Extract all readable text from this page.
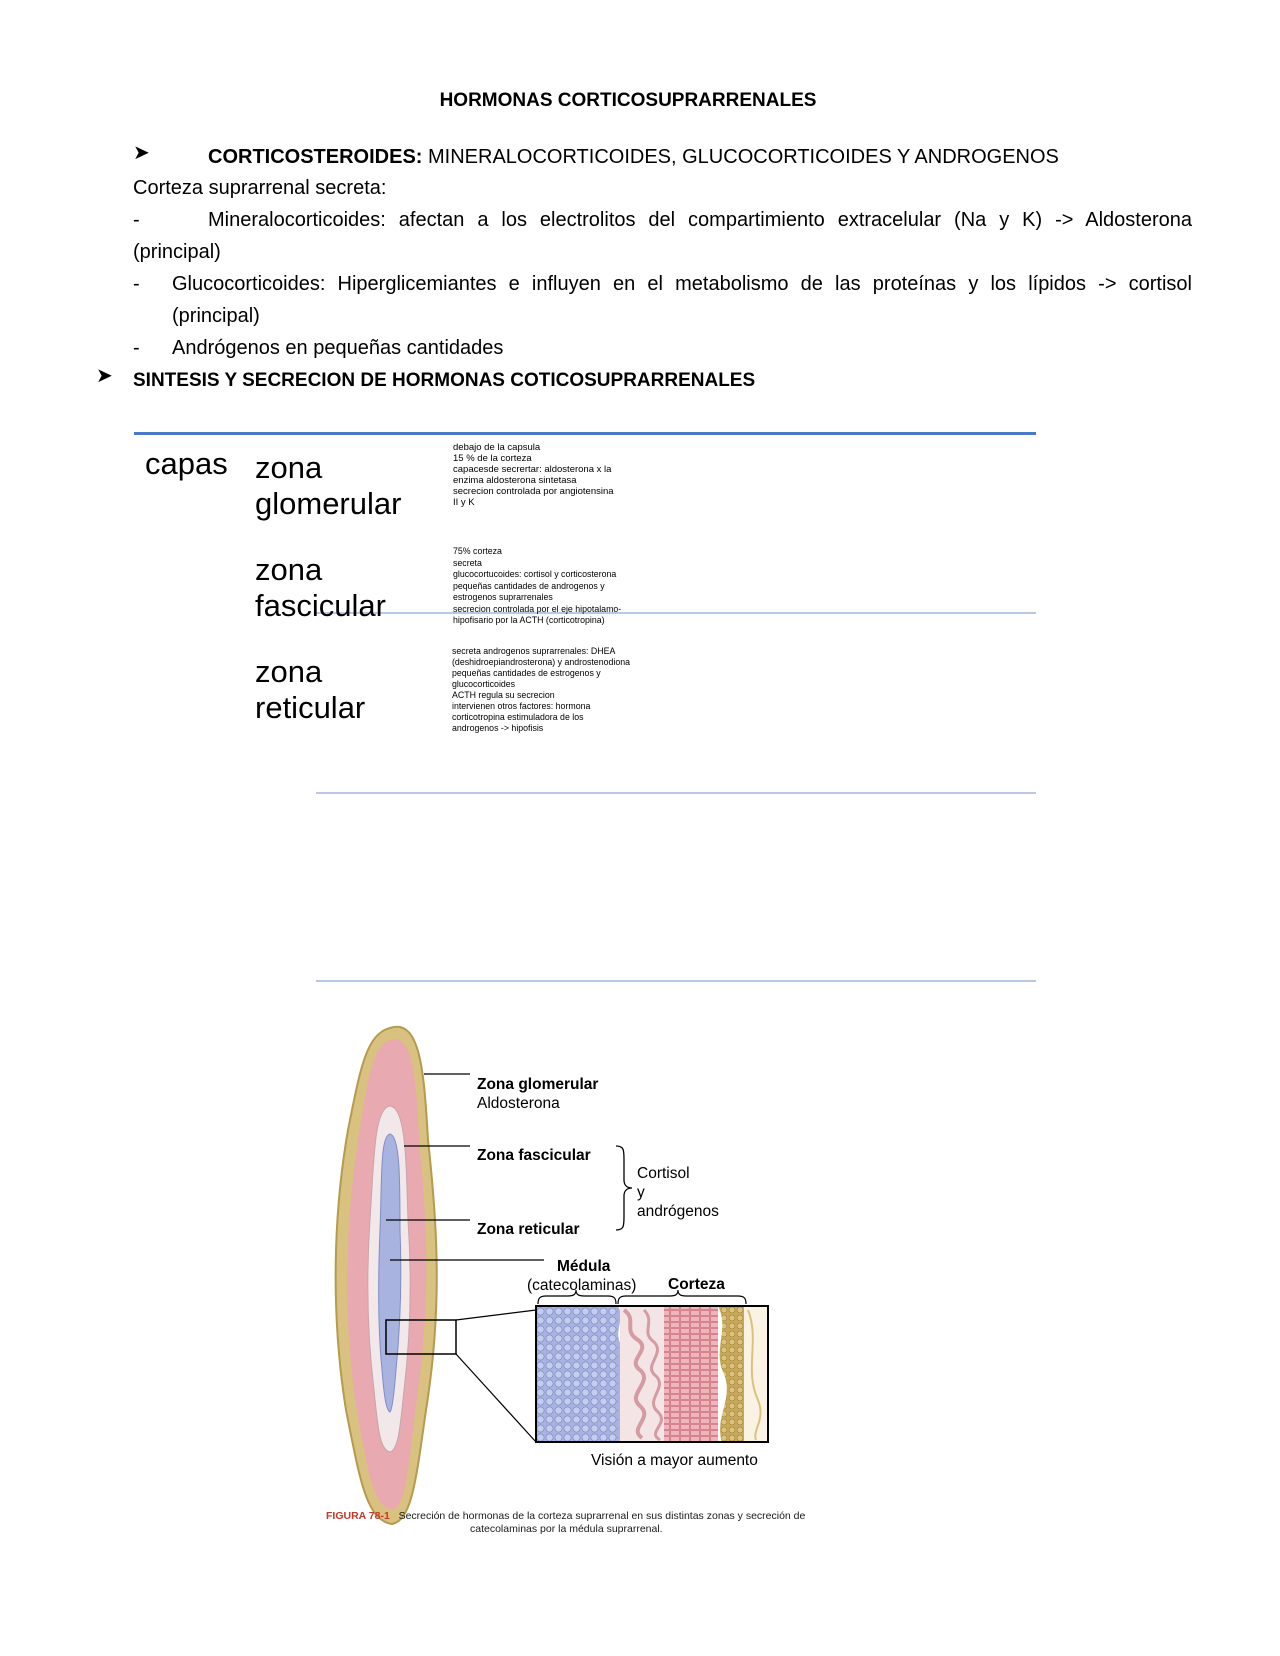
HORMONAS CORTICOSUPRARRENALES
➤	CORTICOSTEROIDES: MINERALOCORTICOIDES, GLUCOCORTICOIDES Y ANDROGENOS
Corteza suprarrenal secreta:
-	Mineralocorticoides: afectan a los electrolitos del compartimiento extracelular (Na y K) -> Aldosterona
(principal)
- Glucocorticoides: Hiperglicemiantes e influyen en el metabolismo de las proteínas y los lípidos -> cortisol
(principal)
- Andrógenos en pequeñas cantidades
➤ SINTESIS Y SECRECION DE HORMONAS COTICOSUPRARRENALES
capas zona
glomerular
debajo de la capsula
15 % de la corteza
capacesde secrertar: aldosterona x la
enzima aldosterona sintetasa
secrecion controlada por angiotensina
II y K
zona
fascicular
75% corteza
secreta
glucocortucoides: cortisol y corticosterona
pequeñas cantidades de androgenos y
estrogenos suprarrenales
secrecion controlada por el eje hipotalamo-
hipofisario por la ACTH (corticotropina)
zona
reticular
secreta androgenos suprarrenales: DHEA
(deshidroepiandrosterona) y androstenodiona
pequeñas cantidades de estrogenos y
glucocorticoides
ACTH regula su secrecion
intervienen otros factores: hormona
corticotropina estimuladora de los
androgenos -> hipofisis
Zona glomerular
Aldosterona
Zona fascicular
Zona reticular
Cortisol
y
andrógenos
Médula
(catecolaminas) Corteza
Visión a mayor aumento
FIGURA 78-1 Secreción de hormonas de la corteza suprarrenal en sus distintas zonas y secreción de
catecolaminas por la médula suprarrenal.
